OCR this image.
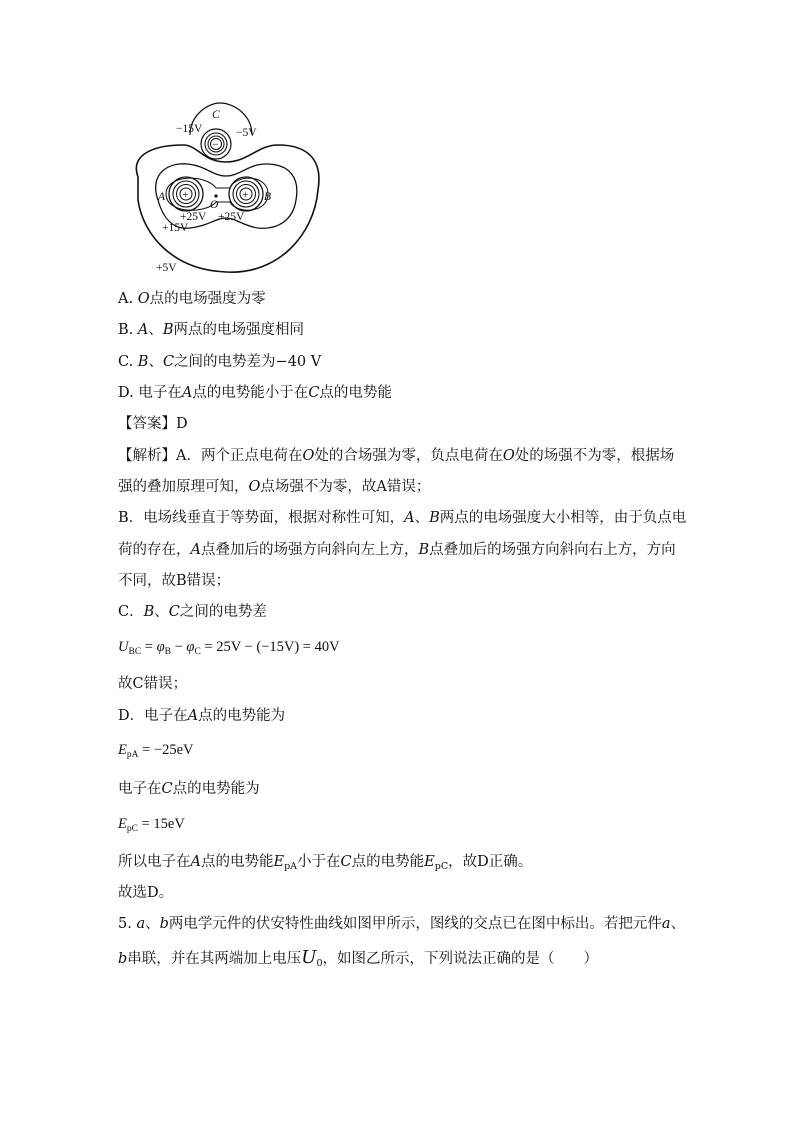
+	+
−
C
−15V	−5V
A	B
O
+25V +25V
+15V
+5V
A. O点的电场强度为零
B. A、B两点的电场强度相同
C. B、C之间的电势差为−40 V
D. 电子在A点的电势能小于在C点的电势能
【答案】D
【解析】A．两个正点电荷在O处的合场强为零，负点电荷在O处的场强不为零，根据场
强的叠加原理可知，O点场强不为零，故A错误；
B．电场线垂直于等势面，根据对称性可知，A、B两点的电场强度大小相等，由于负点电
荷的存在，A点叠加后的场强方向斜向左上方，B点叠加后的场强方向斜向右上方，方向
不同，故B错误；
C．B、C之间的电势差
$U_{BC} = \varphi_B - \varphi_C = 25V - (-15V) = 40V$
故C错误；
D．电子在A点的电势能为
$E_{pA} = -25eV$
电子在C点的电势能为
$E_{pC} = 15eV$
所以电子在A点的电势能$E_{pA}$小于在C点的电势能$E_{pC}$，故D正确。
故选D。
5. a、b两电学元件的伏安特性曲线如图甲所示，图线的交点已在图中标出。若把元件a、
b串联，并在其两端加上电压$U_0$，如图乙所示，下列说法正确的是（　　）
